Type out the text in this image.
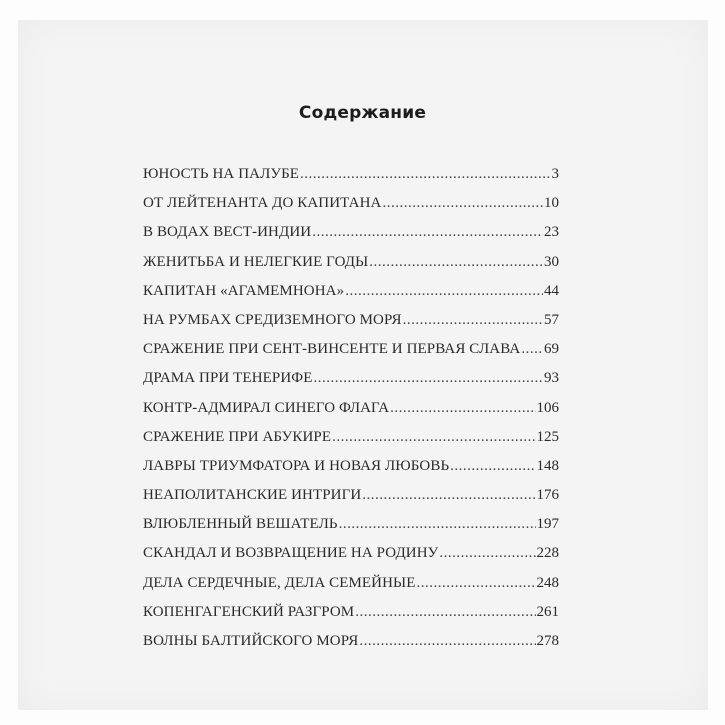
Содержание
ЮНОСТЬ НА ПАЛУБЕ .....	3
ОТ ЛЕЙТЕНАНТА ДО КАПИТАНА .....	10
В ВОДАХ ВЕСТ-ИНДИИ .....	23
ЖЕНИТЬБА И НЕЛЕГКИЕ ГОДЫ .....	30
КАПИТАН «АГАМЕМНОНА» .....	44
НА РУМБАХ СРЕДИЗЕМНОГО МОРЯ .....	57
СРАЖЕНИЕ ПРИ СЕНТ-ВИНСЕНТЕ И ПЕРВАЯ СЛАВА ..... 69
ДРАМА ПРИ ТЕНЕРИФЕ .....	93
КОНТР-АДМИРАЛ СИНЕГО ФЛАГА .....	106
СРАЖЕНИЕ ПРИ АБУКИРЕ .....	125
ЛАВРЫ ТРИУМФАТОРА И НОВАЯ ЛЮБОВЬ .....	148
НЕАПОЛИТАНСКИЕ ИНТРИГИ .....	176
ВЛЮБЛЕННЫЙ ВЕШАТЕЛЬ .....	197
СКАНДАЛ И ВОЗВРАЩЕНИЕ НА РОДИНУ .....	228
ДЕЛА СЕРДЕЧНЫЕ, ДЕЛА СЕМЕЙНЫЕ .....	248
КОПЕНГАГЕНСКИЙ РАЗГРОМ .....	261
ВОЛНЫ БАЛТИЙСКОГО МОРЯ .....	278
